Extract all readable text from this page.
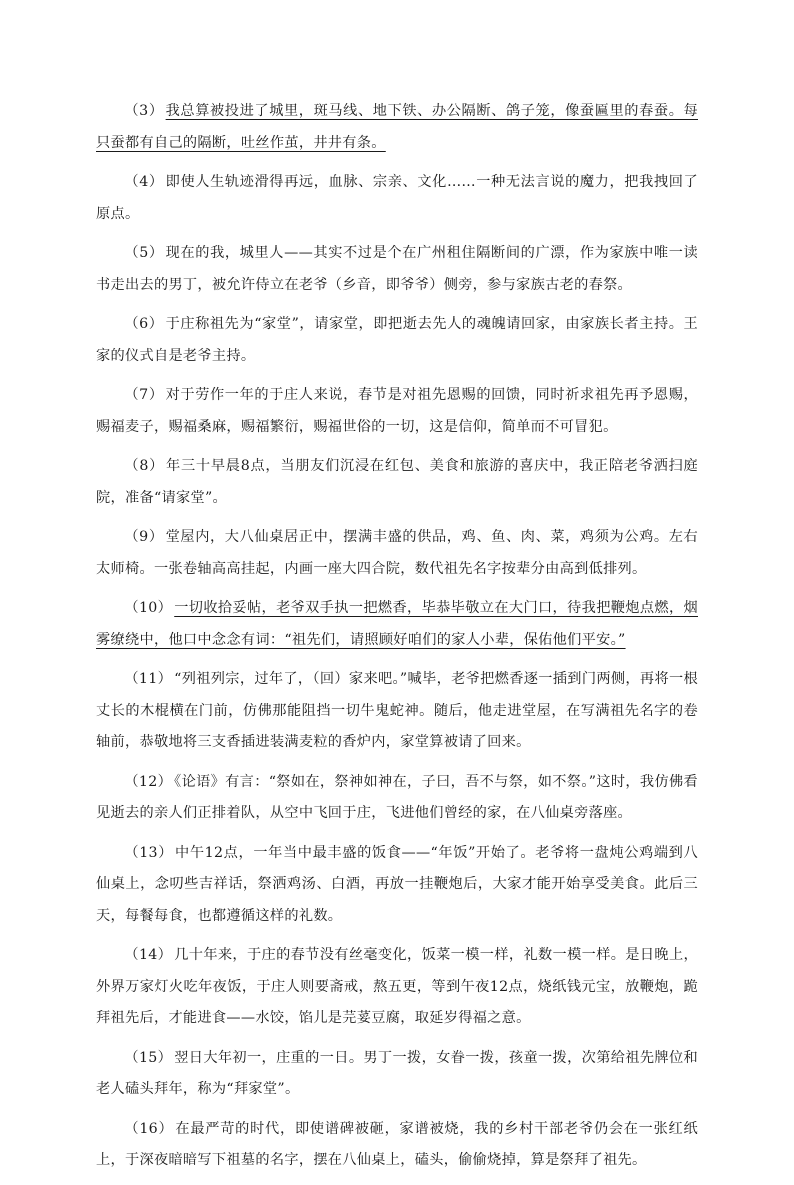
（3） 我总算被投进了城里，斑马线、地下铁、办公隔断、鸽子笼，像蚕匾里的春蚕。每只蚕都有自己的隔断，吐丝作茧，井井有条。

（4） 即使人生轨迹滑得再远，血脉、宗亲、文化……一种无法言说的魔力，把我拽回了原点。

（5） 现在的我，城里人——其实不过是个在广州租住隔断间的广漂，作为家族中唯一读书走出去的男丁，被允许侍立在老爷（乡音，即爷爷）侧旁，参与家族古老的春祭。

（6） 于庄称祖先为“家堂”，请家堂，即把逝去先人的魂魄请回家，由家族长者主持。王家的仪式自是老爷主持。

（7） 对于劳作一年的于庄人来说，春节是对祖先恩赐的回馈，同时祈求祖先再予恩赐，赐福麦子，赐福桑麻，赐福繁衍，赐福世俗的一切，这是信仰，简单而不可冒犯。

（8） 年三十早晨8点，当朋友们沉浸在红包、美食和旅游的喜庆中，我正陪老爷洒扫庭院，准备“请家堂”。

（9） 堂屋内，大八仙桌居正中，摆满丰盛的供品，鸡、鱼、肉、菜，鸡须为公鸡。左右太师椅。一张卷轴高高挂起，内画一座大四合院，数代祖先名字按辈分由高到低排列。

（10） 一切收拾妥帖，老爷双手执一把燃香，毕恭毕敬立在大门口，待我把鞭炮点燃，烟雾缭绕中，他口中念念有词：“祖先们，请照顾好咱们的家人小辈，保佑他们平安。”

（11） “列祖列宗，过年了，（回）家来吧。”喊毕，老爷把燃香逐一插到门两侧，再将一根丈长的木棍横在门前，仿佛那能阻挡一切牛鬼蛇神。随后，他走进堂屋，在写满祖先名字的卷轴前，恭敬地将三支香插进装满麦粒的香炉内，家堂算被请了回来。

（12） 《论语》有言：“祭如在，祭神如神在，子曰，吾不与祭，如不祭。”这时，我仿佛看见逝去的亲人们正排着队，从空中飞回于庄，飞进他们曾经的家，在八仙桌旁落座。

（13） 中午12点，一年当中最丰盛的饭食——“年饭”开始了。老爷将一盘炖公鸡端到八仙桌上，念叨些吉祥话，祭洒鸡汤、白酒，再放一挂鞭炮后，大家才能开始享受美食。此后三天，每餐每食，也都遵循这样的礼数。

（14） 几十年来，于庄的春节没有丝毫变化，饭菜一模一样，礼数一模一样。是日晚上，外界万家灯火吃年夜饭，于庄人则要斋戒，熬五更，等到午夜12点，烧纸钱元宝，放鞭炮，跪拜祖先后，才能进食——水饺，馅儿是芫荽豆腐，取延岁得福之意。

（15） 翌日大年初一，庄重的一日。男丁一拨，女眷一拨，孩童一拨，次第给祖先牌位和老人磕头拜年，称为“拜家堂”。

（16） 在最严苛的时代，即使谱碑被砸，家谱被烧，我的乡村干部老爷仍会在一张红纸上，于深夜暗暗写下祖墓的名字，摆在八仙桌上，磕头，偷偷烧掉，算是祭拜了祖先。
